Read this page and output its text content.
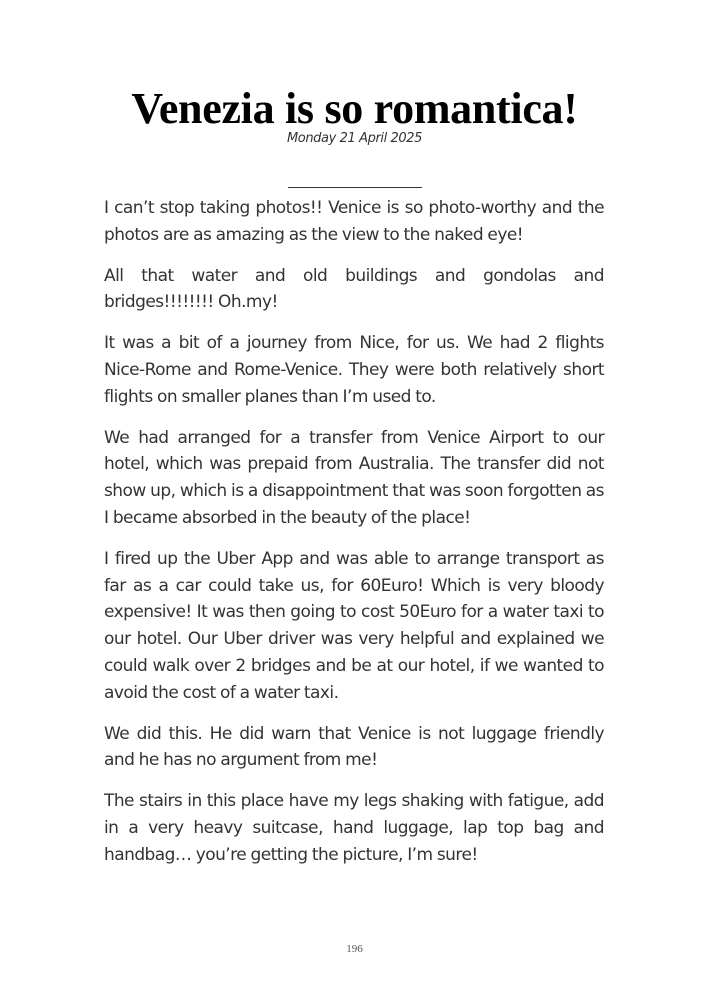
Venezia is so romantica!
Monday 21 April 2025

I can’t stop taking photos!! Venice is so photo-worthy and the photos are as amazing as the view to the naked eye!

All that water and old buildings and gondolas and bridges!!!!!!!! Oh.my!

It was a bit of a journey from Nice, for us. We had 2 flights Nice-Rome and Rome-Venice. They were both relatively short flights on smaller planes than I’m used to.

We had arranged for a transfer from Venice Airport to our hotel, which was prepaid from Australia. The transfer did not show up, which is a disappointment that was soon forgotten as I became absorbed in the beauty of the place!

I fired up the Uber App and was able to arrange transport as far as a car could take us, for 60Euro! Which is very bloody expensive! It was then going to cost 50Euro for a water taxi to our hotel. Our Uber driver was very helpful and explained we could walk over 2 bridges and be at our hotel, if we wanted to avoid the cost of a water taxi.

We did this. He did warn that Venice is not luggage friendly and he has no argument from me!

The stairs in this place have my legs shaking with fatigue, add in a very heavy suitcase, hand luggage, lap top bag and handbag… you’re getting the picture, I’m sure!

196
